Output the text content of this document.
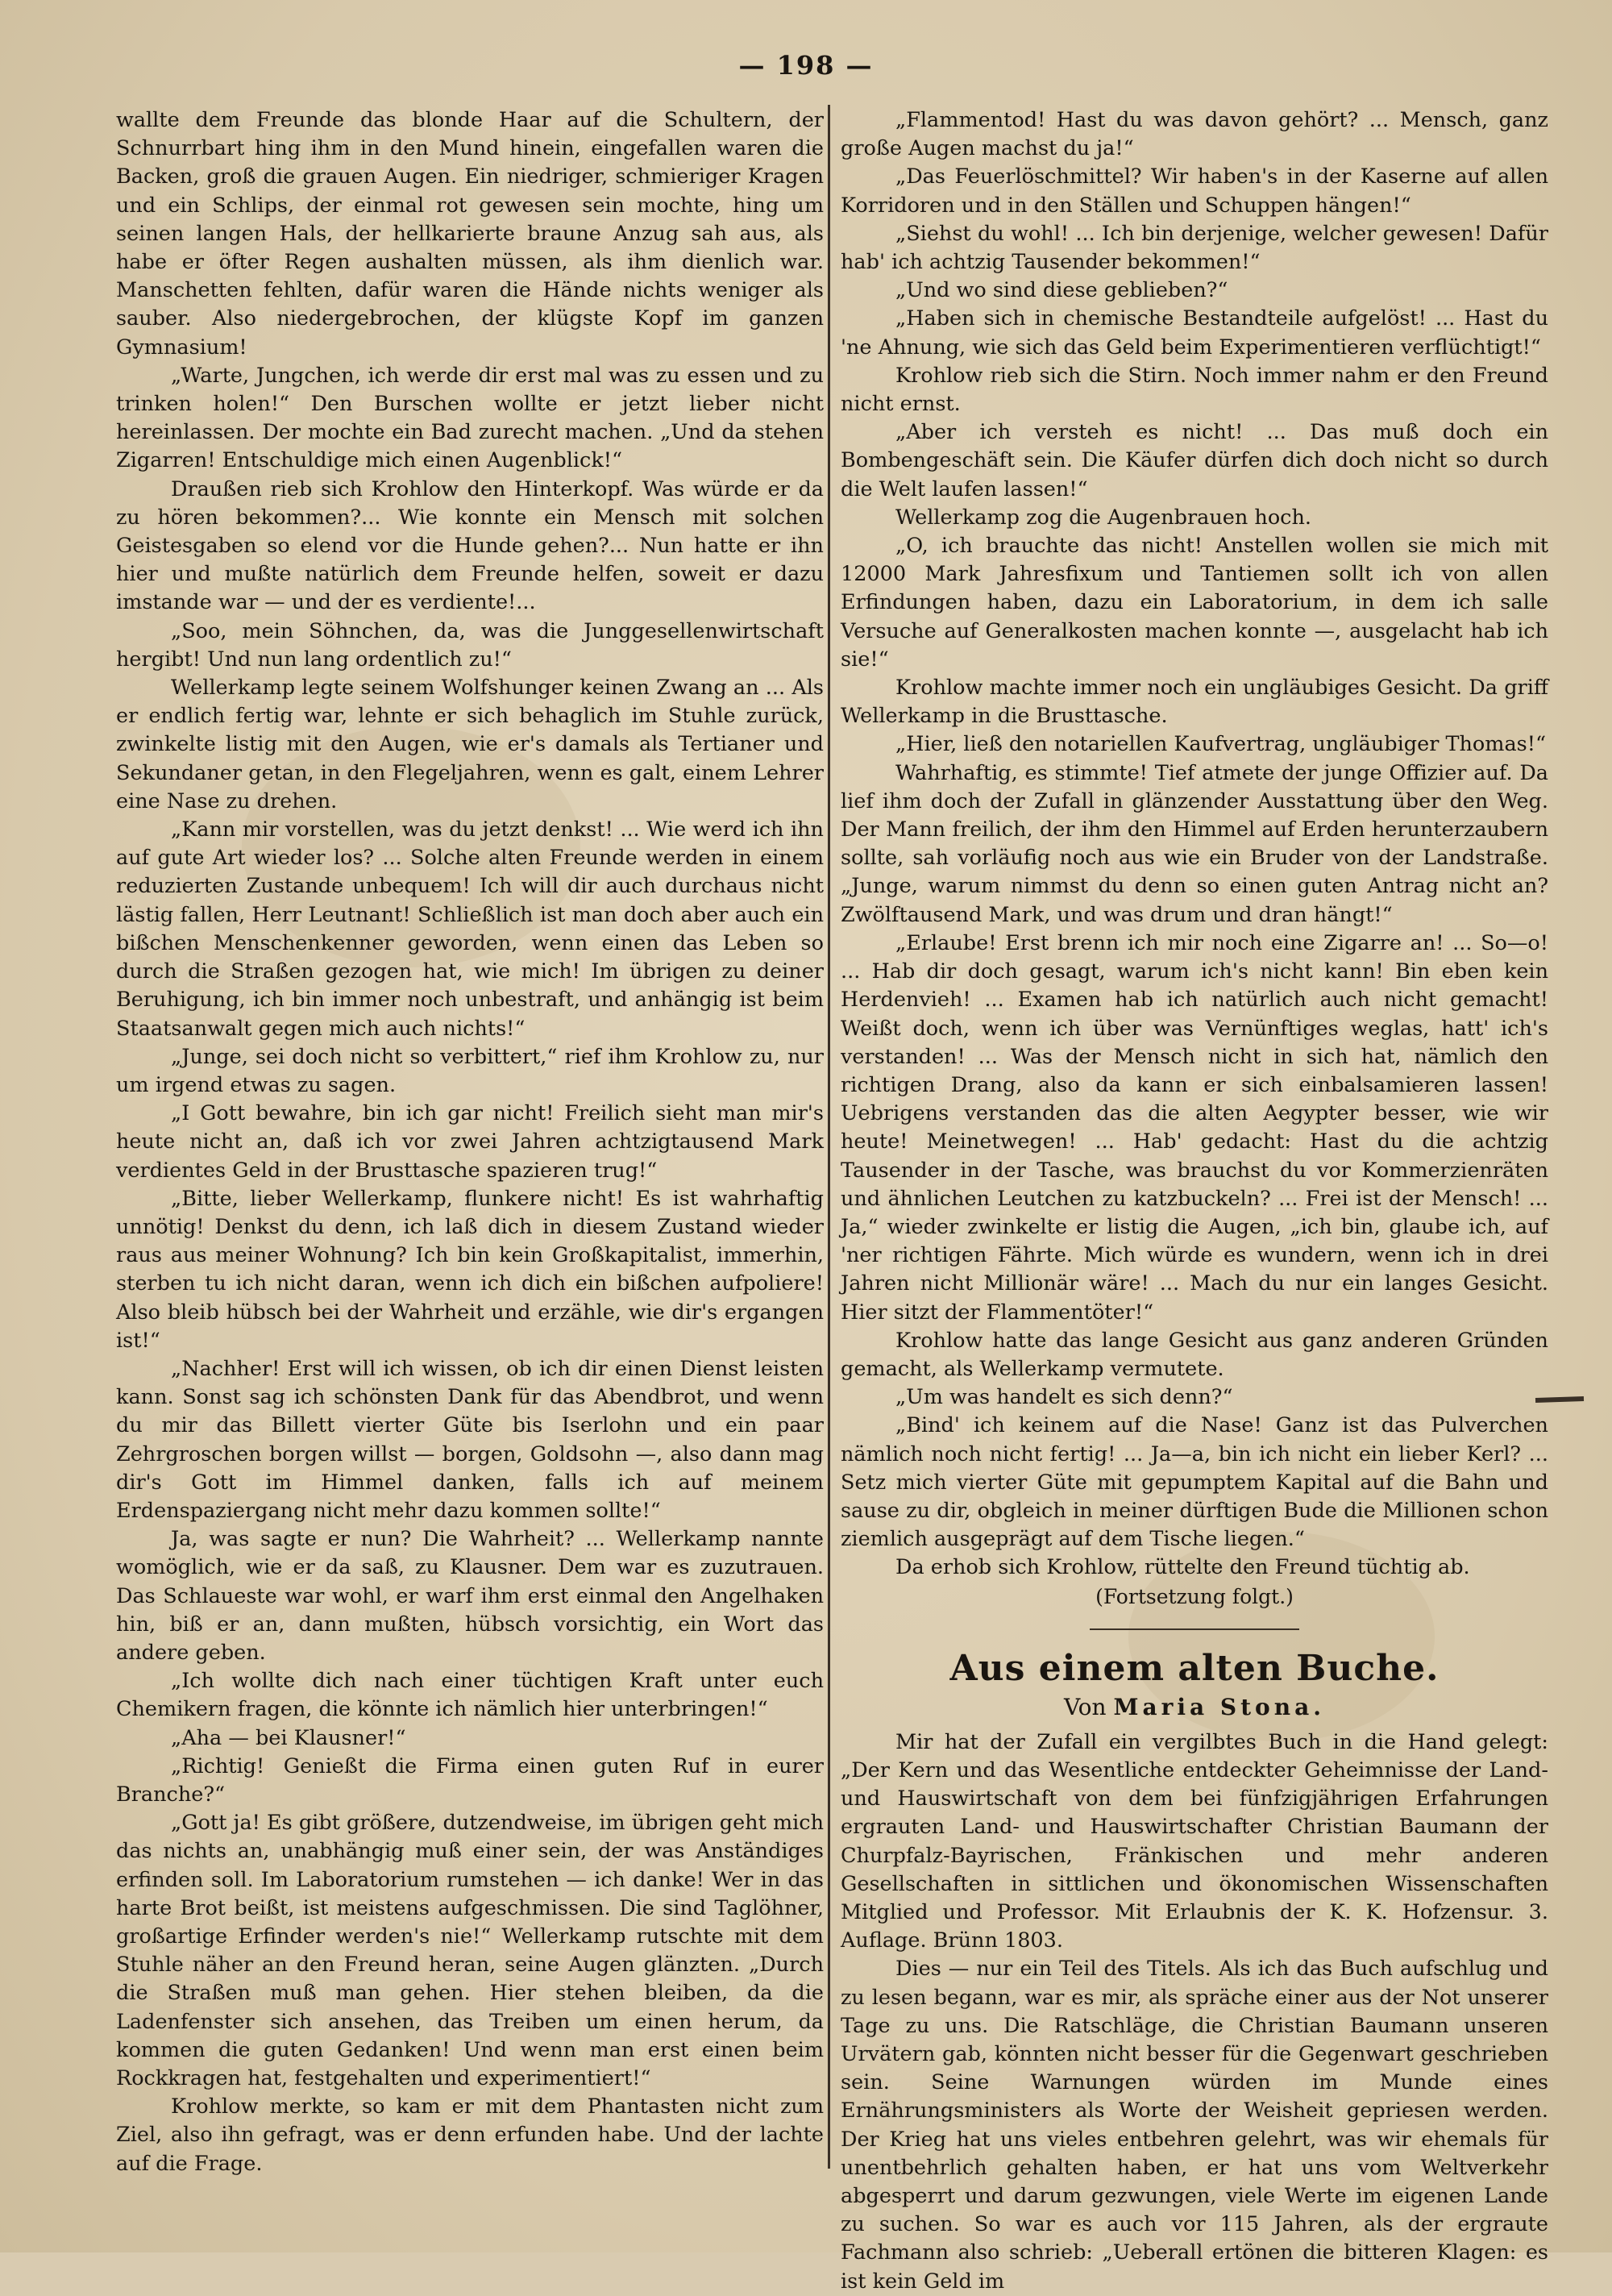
— 198 —

wallte dem Freunde das blonde Haar auf die Schultern, der Schnurrbart hing ihm in den Mund hinein, eingefallen waren die Backen, groß die grauen Augen. Ein niedriger, schmieriger Kragen und ein Schlips, der einmal rot gewesen sein mochte, hing um seinen langen Hals, der hellkarierte braune Anzug sah aus, als habe er öfter Regen aushalten müssen, als ihm dienlich war. Manschetten fehlten, dafür waren die Hände nichts weniger als sauber. Also niedergebrochen, der klügste Kopf im ganzen Gymnasium!

„Warte, Jungchen, ich werde dir erst mal was zu essen und zu trinken holen!“ Den Burschen wollte er jetzt lieber nicht hereinlassen. Der mochte ein Bad zurecht machen. „Und da stehen Zigarren! Entschuldige mich einen Augenblick!“

Draußen rieb sich Krohlow den Hinterkopf. Was würde er da zu hören bekommen?... Wie konnte ein Mensch mit solchen Geistesgaben so elend vor die Hunde gehen?... Nun hatte er ihn hier und mußte natürlich dem Freunde helfen, soweit er dazu imstande war — und der es verdiente!...

„Soo, mein Söhnchen, da, was die Junggesellenwirtschaft hergibt! Und nun lang ordentlich zu!“

Wellerkamp legte seinem Wolfshunger keinen Zwang an ... Als er endlich fertig war, lehnte er sich behaglich im Stuhle zurück, zwinkelte listig mit den Augen, wie er's damals als Tertianer und Sekundaner getan, in den Flegeljahren, wenn es galt, einem Lehrer eine Nase zu drehen.

„Kann mir vorstellen, was du jetzt denkst! ... Wie werd ich ihn auf gute Art wieder los? ... Solche alten Freunde werden in einem reduzierten Zustande unbequem! Ich will dir auch durchaus nicht lästig fallen, Herr Leutnant! Schließlich ist man doch aber auch ein bißchen Menschenkenner geworden, wenn einen das Leben so durch die Straßen gezogen hat, wie mich! Im übrigen zu deiner Beruhigung, ich bin immer noch unbestraft, und anhängig ist beim Staatsanwalt gegen mich auch nichts!“

„Junge, sei doch nicht so verbittert,“ rief ihm Krohlow zu, nur um irgend etwas zu sagen.

„I Gott bewahre, bin ich gar nicht! Freilich sieht man mir's heute nicht an, daß ich vor zwei Jahren achtzigtausend Mark verdientes Geld in der Brusttasche spazieren trug!“

„Bitte, lieber Wellerkamp, flunkere nicht! Es ist wahrhaftig unnötig! Denkst du denn, ich laß dich in diesem Zustand wieder raus aus meiner Wohnung? Ich bin kein Großkapitalist, immerhin, sterben tu ich nicht daran, wenn ich dich ein bißchen aufpoliere! Also bleib hübsch bei der Wahrheit und erzähle, wie dir's ergangen ist!“

„Nachher! Erst will ich wissen, ob ich dir einen Dienst leisten kann. Sonst sag ich schönsten Dank für das Abendbrot, und wenn du mir das Billett vierter Güte bis Iserlohn und ein paar Zehrgroschen borgen willst — borgen, Goldsohn —, also dann mag dir's Gott im Himmel danken, falls ich auf meinem Erdenspaziergang nicht mehr dazu kommen sollte!“

Ja, was sagte er nun? Die Wahrheit? ... Wellerkamp nannte womöglich, wie er da saß, zu Klausner. Dem war es zuzutrauen. Das Schlaueste war wohl, er warf ihm erst einmal den Angelhaken hin, biß er an, dann mußten, hübsch vorsichtig, ein Wort das andere geben.

„Ich wollte dich nach einer tüchtigen Kraft unter euch Chemikern fragen, die könnte ich nämlich hier unterbringen!“

„Aha — bei Klausner!“

„Richtig! Genießt die Firma einen guten Ruf in eurer Branche?“

„Gott ja! Es gibt größere, dutzendweise, im übrigen geht mich das nichts an, unabhängig muß einer sein, der was Anständiges erfinden soll. Im Laboratorium rumstehen — ich danke! Wer in das harte Brot beißt, ist meistens aufgeschmissen. Die sind Taglöhner, großartige Erfinder werden's nie!“ Wellerkamp rutschte mit dem Stuhle näher an den Freund heran, seine Augen glänzten. „Durch die Straßen muß man gehen. Hier stehen bleiben, da die Ladenfenster sich ansehen, das Treiben um einen herum, da kommen die guten Gedanken! Und wenn man erst einen beim Rockkragen hat, festgehalten und experimentiert!“

Krohlow merkte, so kam er mit dem Phantasten nicht zum Ziel, also ihn gefragt, was er denn erfunden habe. Und der lachte auf die Frage.

„Flammentod! Hast du was davon gehört? ... Mensch, ganz große Augen machst du ja!“

„Das Feuerlöschmittel? Wir haben's in der Kaserne auf allen Korridoren und in den Ställen und Schuppen hängen!“

„Siehst du wohl! ... Ich bin derjenige, welcher gewesen! Dafür hab' ich achtzig Tausender bekommen!“

„Und wo sind diese geblieben?“

„Haben sich in chemische Bestandteile aufgelöst! ... Hast du 'ne Ahnung, wie sich das Geld beim Experimentieren verflüchtigt!“

Krohlow rieb sich die Stirn. Noch immer nahm er den Freund nicht ernst.

„Aber ich versteh es nicht! ... Das muß doch ein Bombengeschäft sein. Die Käufer dürfen dich doch nicht so durch die Welt laufen lassen!“

Wellerkamp zog die Augenbrauen hoch.

„O, ich brauchte das nicht! Anstellen wollen sie mich mit 12000 Mark Jahresfixum und Tantiemen sollt ich von allen Erfindungen haben, dazu ein Laboratorium, in dem ich salle Versuche auf Generalkosten machen konnte —, ausgelacht hab ich sie!“

Krohlow machte immer noch ein ungläubiges Gesicht. Da griff Wellerkamp in die Brusttasche.

„Hier, ließ den notariellen Kaufvertrag, ungläubiger Thomas!“

Wahrhaftig, es stimmte! Tief atmete der junge Offizier auf. Da lief ihm doch der Zufall in glänzender Ausstattung über den Weg. Der Mann freilich, der ihm den Himmel auf Erden herunterzaubern sollte, sah vorläufig noch aus wie ein Bruder von der Landstraße. „Junge, warum nimmst du denn so einen guten Antrag nicht an? Zwölftausend Mark, und was drum und dran hängt!“

„Erlaube! Erst brenn ich mir noch eine Zigarre an! ... So—o! ... Hab dir doch gesagt, warum ich's nicht kann! Bin eben kein Herdenvieh! ... Examen hab ich natürlich auch nicht gemacht! Weißt doch, wenn ich über was Vernünftiges weglas, hatt' ich's verstanden! ... Was der Mensch nicht in sich hat, nämlich den richtigen Drang, also da kann er sich einbalsamieren lassen! Uebrigens verstanden das die alten Aegypter besser, wie wir heute! Meinetwegen! ... Hab' gedacht: Hast du die achtzig Tausender in der Tasche, was brauchst du vor Kommerzienräten und ähnlichen Leutchen zu katzbuckeln? ... Frei ist der Mensch! ... Ja,“ wieder zwinkelte er listig die Augen, „ich bin, glaube ich, auf 'ner richtigen Fährte. Mich würde es wundern, wenn ich in drei Jahren nicht Millionär wäre! ... Mach du nur ein langes Gesicht. Hier sitzt der Flammentöter!“

Krohlow hatte das lange Gesicht aus ganz anderen Gründen gemacht, als Wellerkamp vermutete.

„Um was handelt es sich denn?“

„Bind' ich keinem auf die Nase! Ganz ist das Pulverchen nämlich noch nicht fertig! ... Ja—a, bin ich nicht ein lieber Kerl? ... Setz mich vierter Güte mit gepumptem Kapital auf die Bahn und sause zu dir, obgleich in meiner dürftigen Bude die Millionen schon ziemlich ausgeprägt auf dem Tische liegen.“

Da erhob sich Krohlow, rüttelte den Freund tüchtig ab.

(Fortsetzung folgt.)

Aus einem alten Buche.

Von Maria Stona.

Mir hat der Zufall ein vergilbtes Buch in die Hand gelegt: „Der Kern und das Wesentliche entdeckter Geheimnisse der Land- und Hauswirtschaft von dem bei fünfzigjährigen Erfahrungen ergrauten Land- und Hauswirtschafter Christian Baumann der Churpfalz-Bayrischen, Fränkischen und mehr anderen Gesellschaften in sittlichen und ökonomischen Wissenschaften Mitglied und Professor. Mit Erlaubnis der K. K. Hofzensur. 3. Auflage. Brünn 1803.

Dies — nur ein Teil des Titels. Als ich das Buch aufschlug und zu lesen begann, war es mir, als spräche einer aus der Not unserer Tage zu uns. Die Ratschläge, die Christian Baumann unseren Urvätern gab, könnten nicht besser für die Gegenwart geschrieben sein. Seine Warnungen würden im Munde eines Ernährungsministers als Worte der Weisheit gepriesen werden. Der Krieg hat uns vieles entbehren gelehrt, was wir ehemals für unentbehrlich gehalten haben, er hat uns vom Weltverkehr abgesperrt und darum gezwungen, viele Werte im eigenen Lande zu suchen. So war es auch vor 115 Jahren, als der ergraute Fachmann also schrieb: „Ueberall ertönen die bitteren Klagen: es ist kein Geld im
